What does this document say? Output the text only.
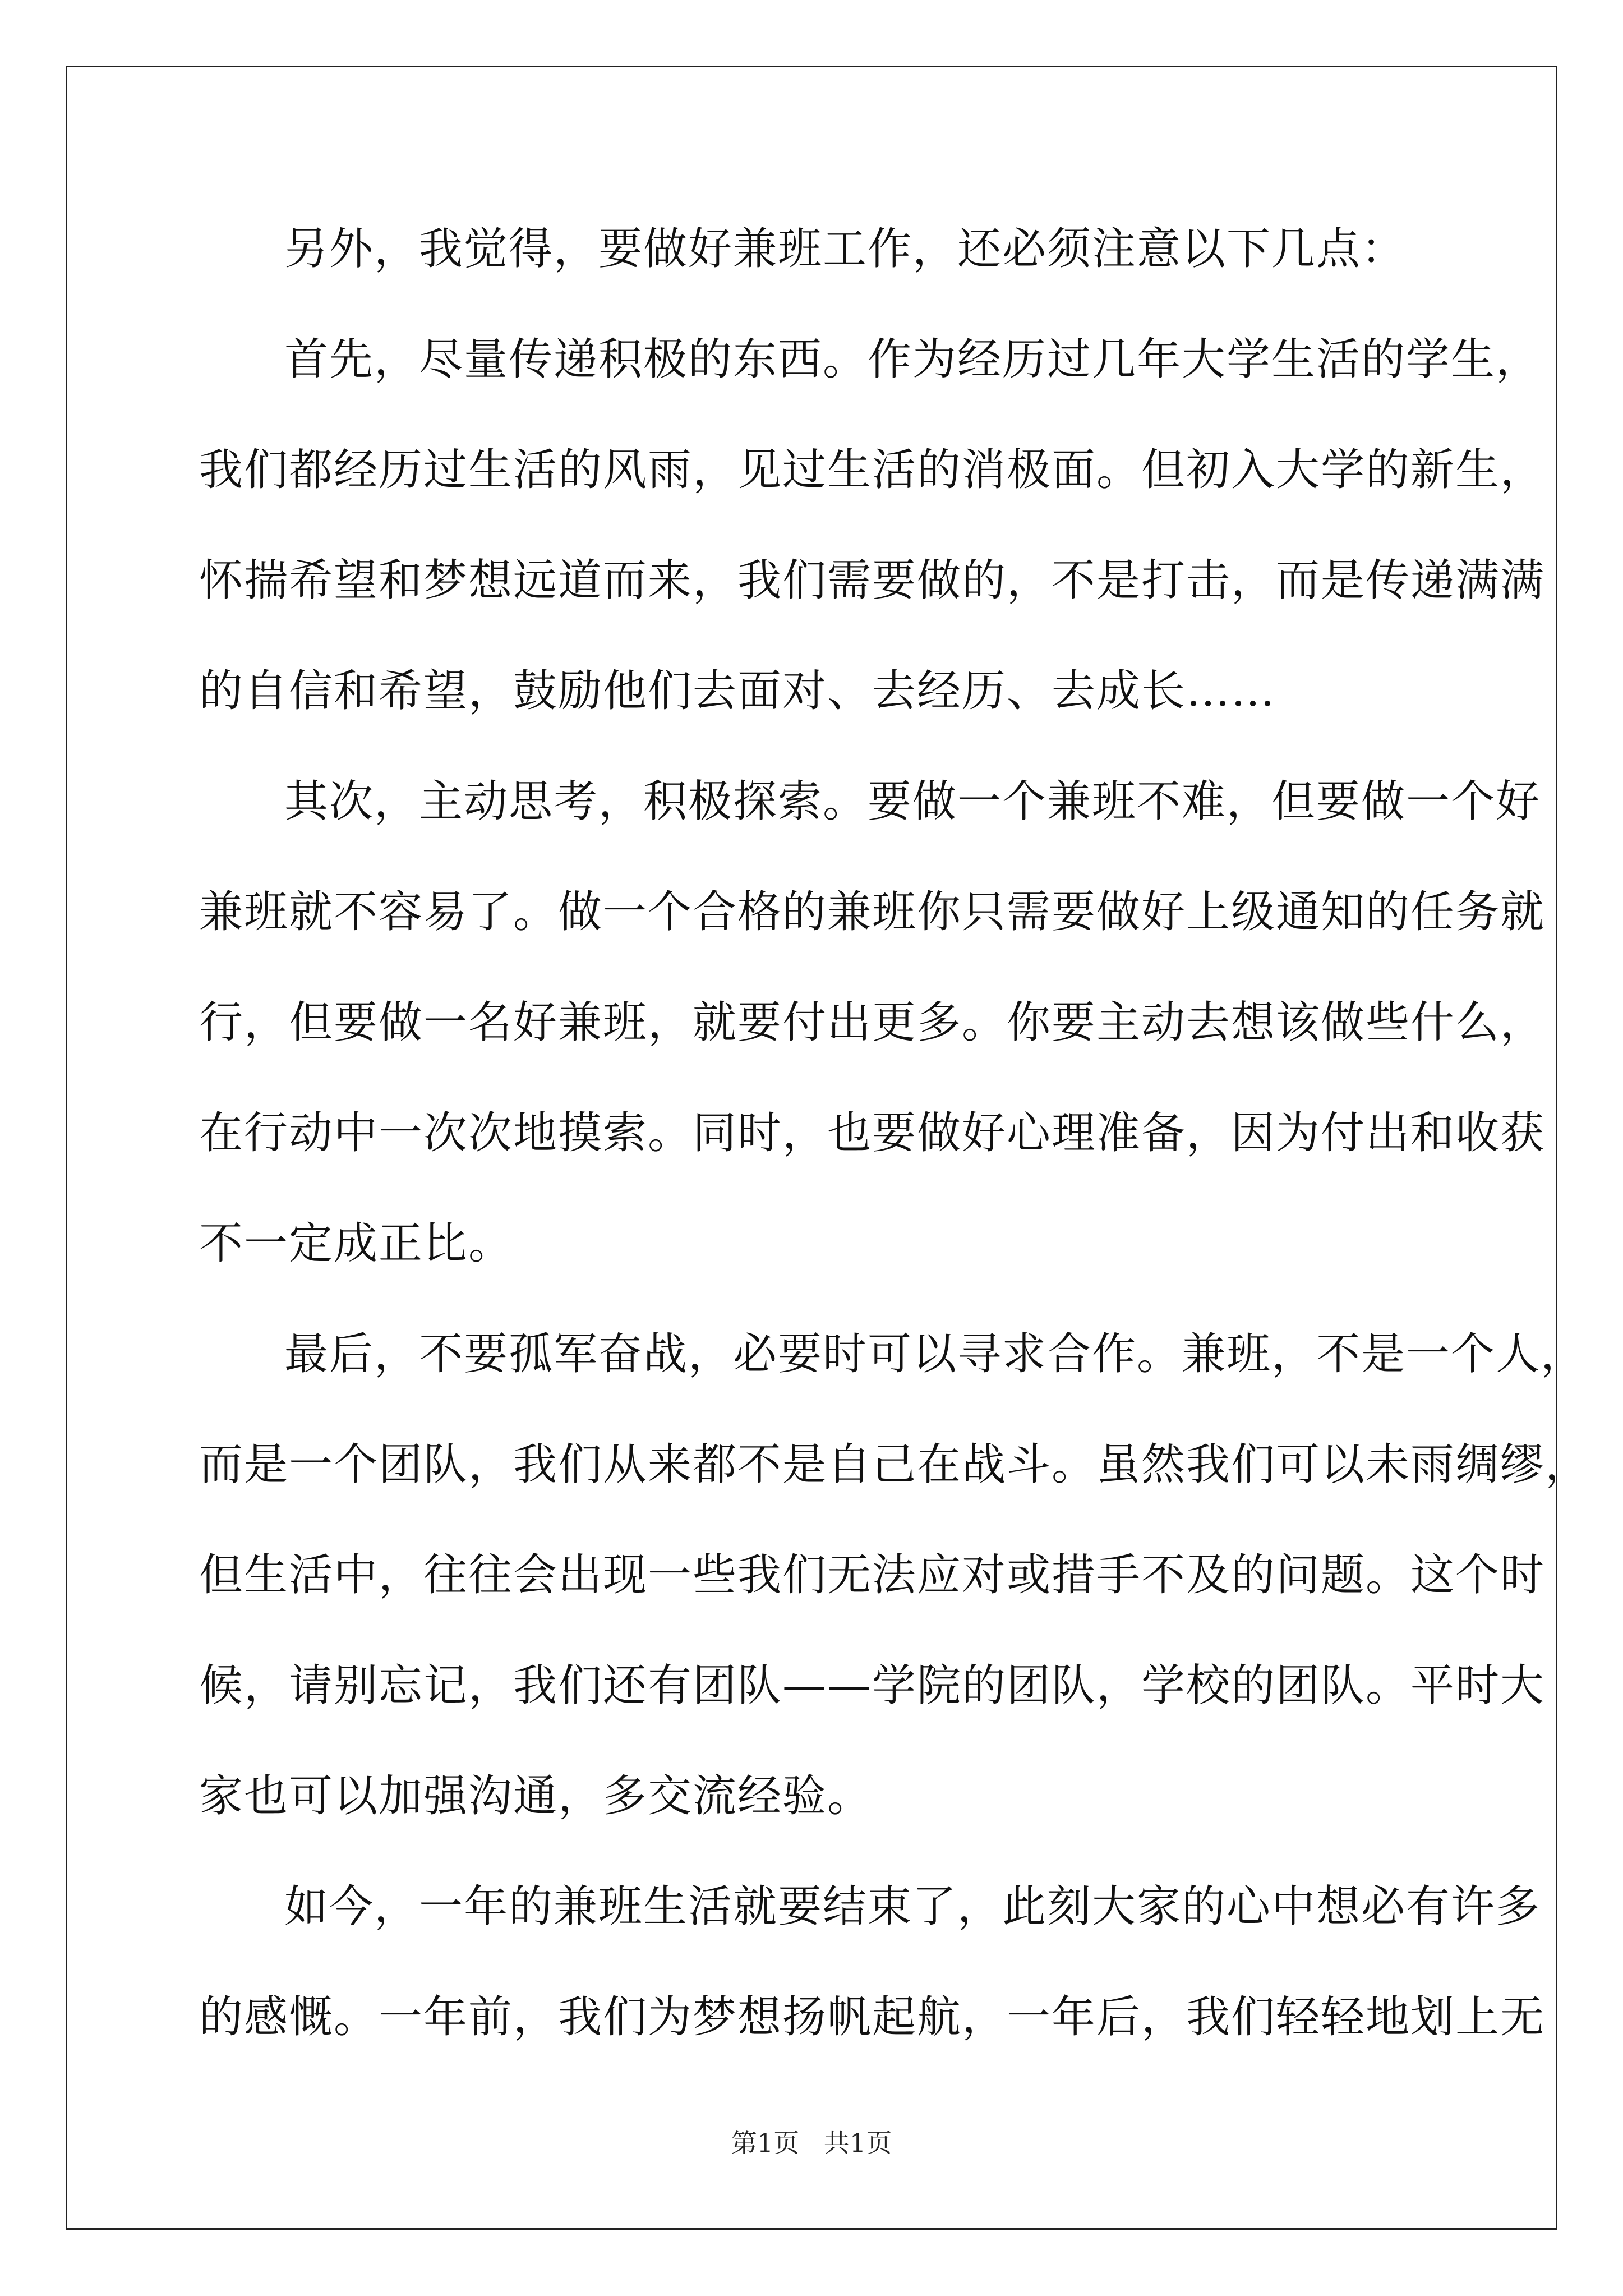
另外，我觉得，要做好兼班工作，还必须注意以下几点：
首先，尽量传递积极的东西。作为经历过几年大学生活的学生，
我们都经历过生活的风雨，见过生活的消极面。但初入大学的新生，
怀揣希望和梦想远道而来，我们需要做的，不是打击，而是传递满满
的自信和希望，鼓励他们去面对、去经历、去成长……
其次，主动思考，积极探索。要做一个兼班不难，但要做一个好
兼班就不容易了。做一个合格的兼班你只需要做好上级通知的任务就
行，但要做一名好兼班，就要付出更多。你要主动去想该做些什么，
在行动中一次次地摸索。同时，也要做好心理准备，因为付出和收获
不一定成正比。
最后，不要孤军奋战，必要时可以寻求合作。兼班，不是一个人，
而是一个团队，我们从来都不是自己在战斗。虽然我们可以未雨绸缪，
但生活中，往往会出现一些我们无法应对或措手不及的问题。这个时
候，请别忘记，我们还有团队——学院的团队，学校的团队。平时大
家也可以加强沟通，多交流经验。
如今，一年的兼班生活就要结束了，此刻大家的心中想必有许多
的感慨。一年前，我们为梦想扬帆起航，一年后，我们轻轻地划上无
第1页   共1页
